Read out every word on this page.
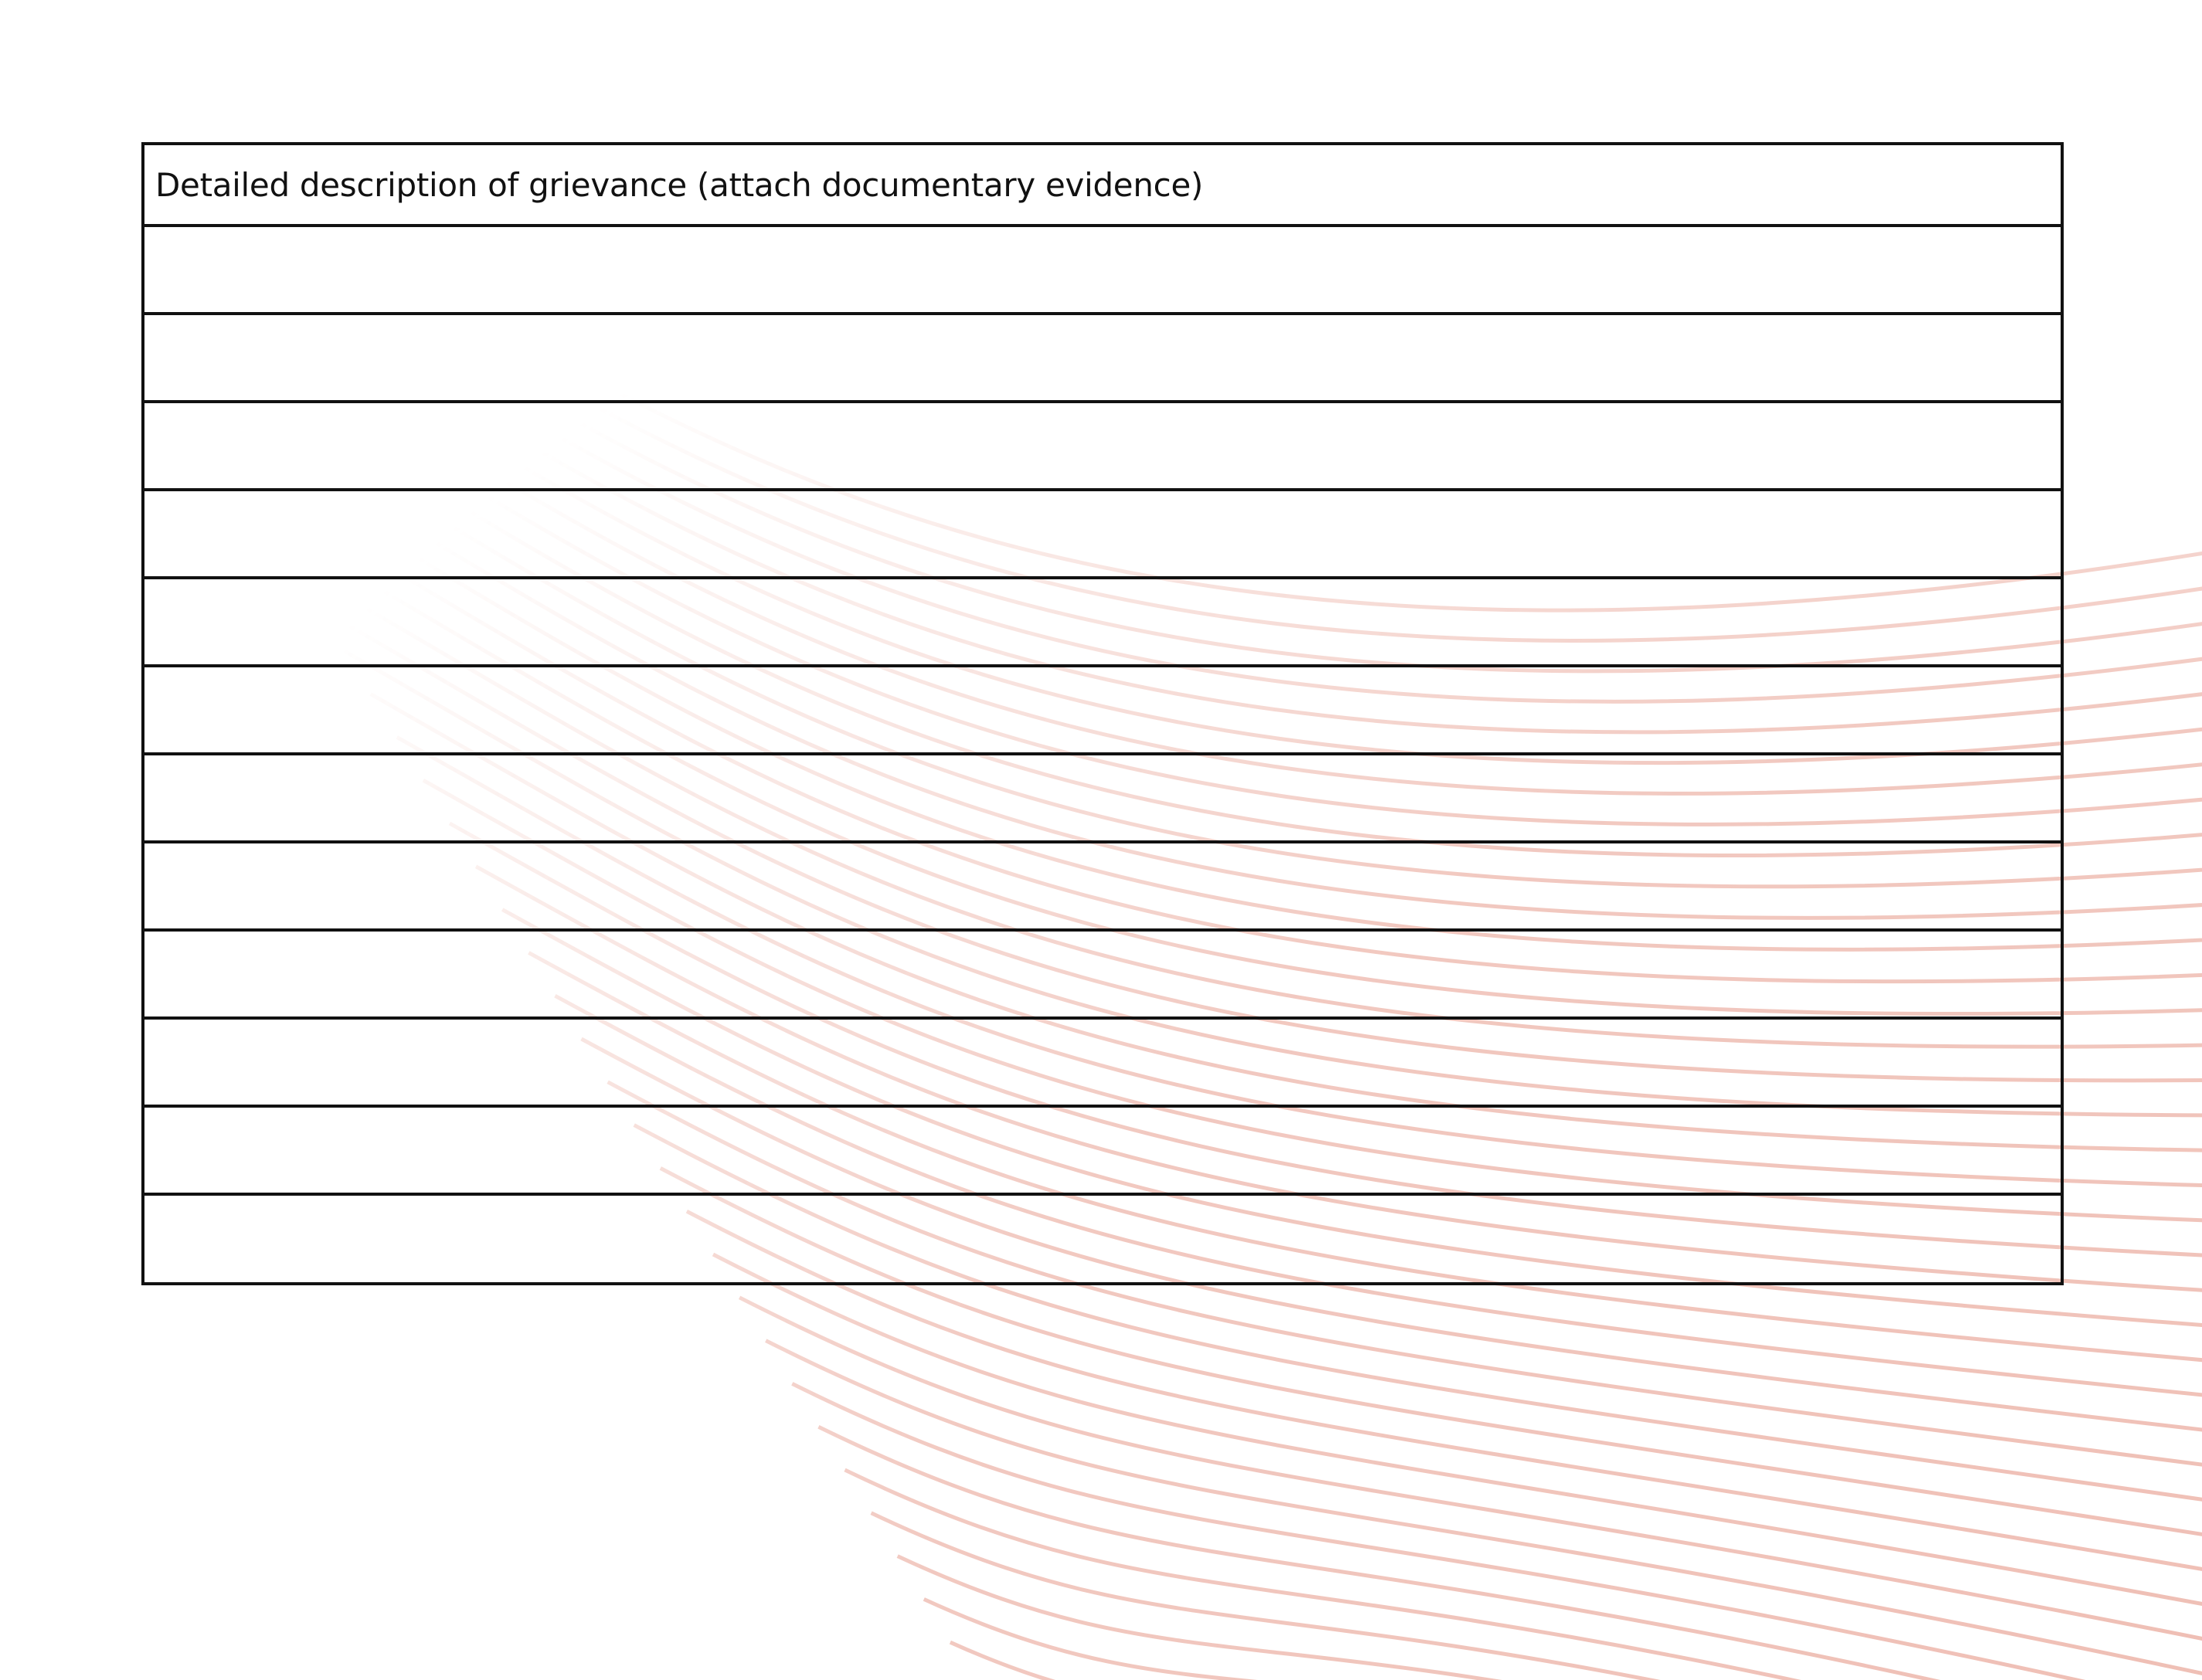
Detailed description of grievance (attach documentary evidence)
